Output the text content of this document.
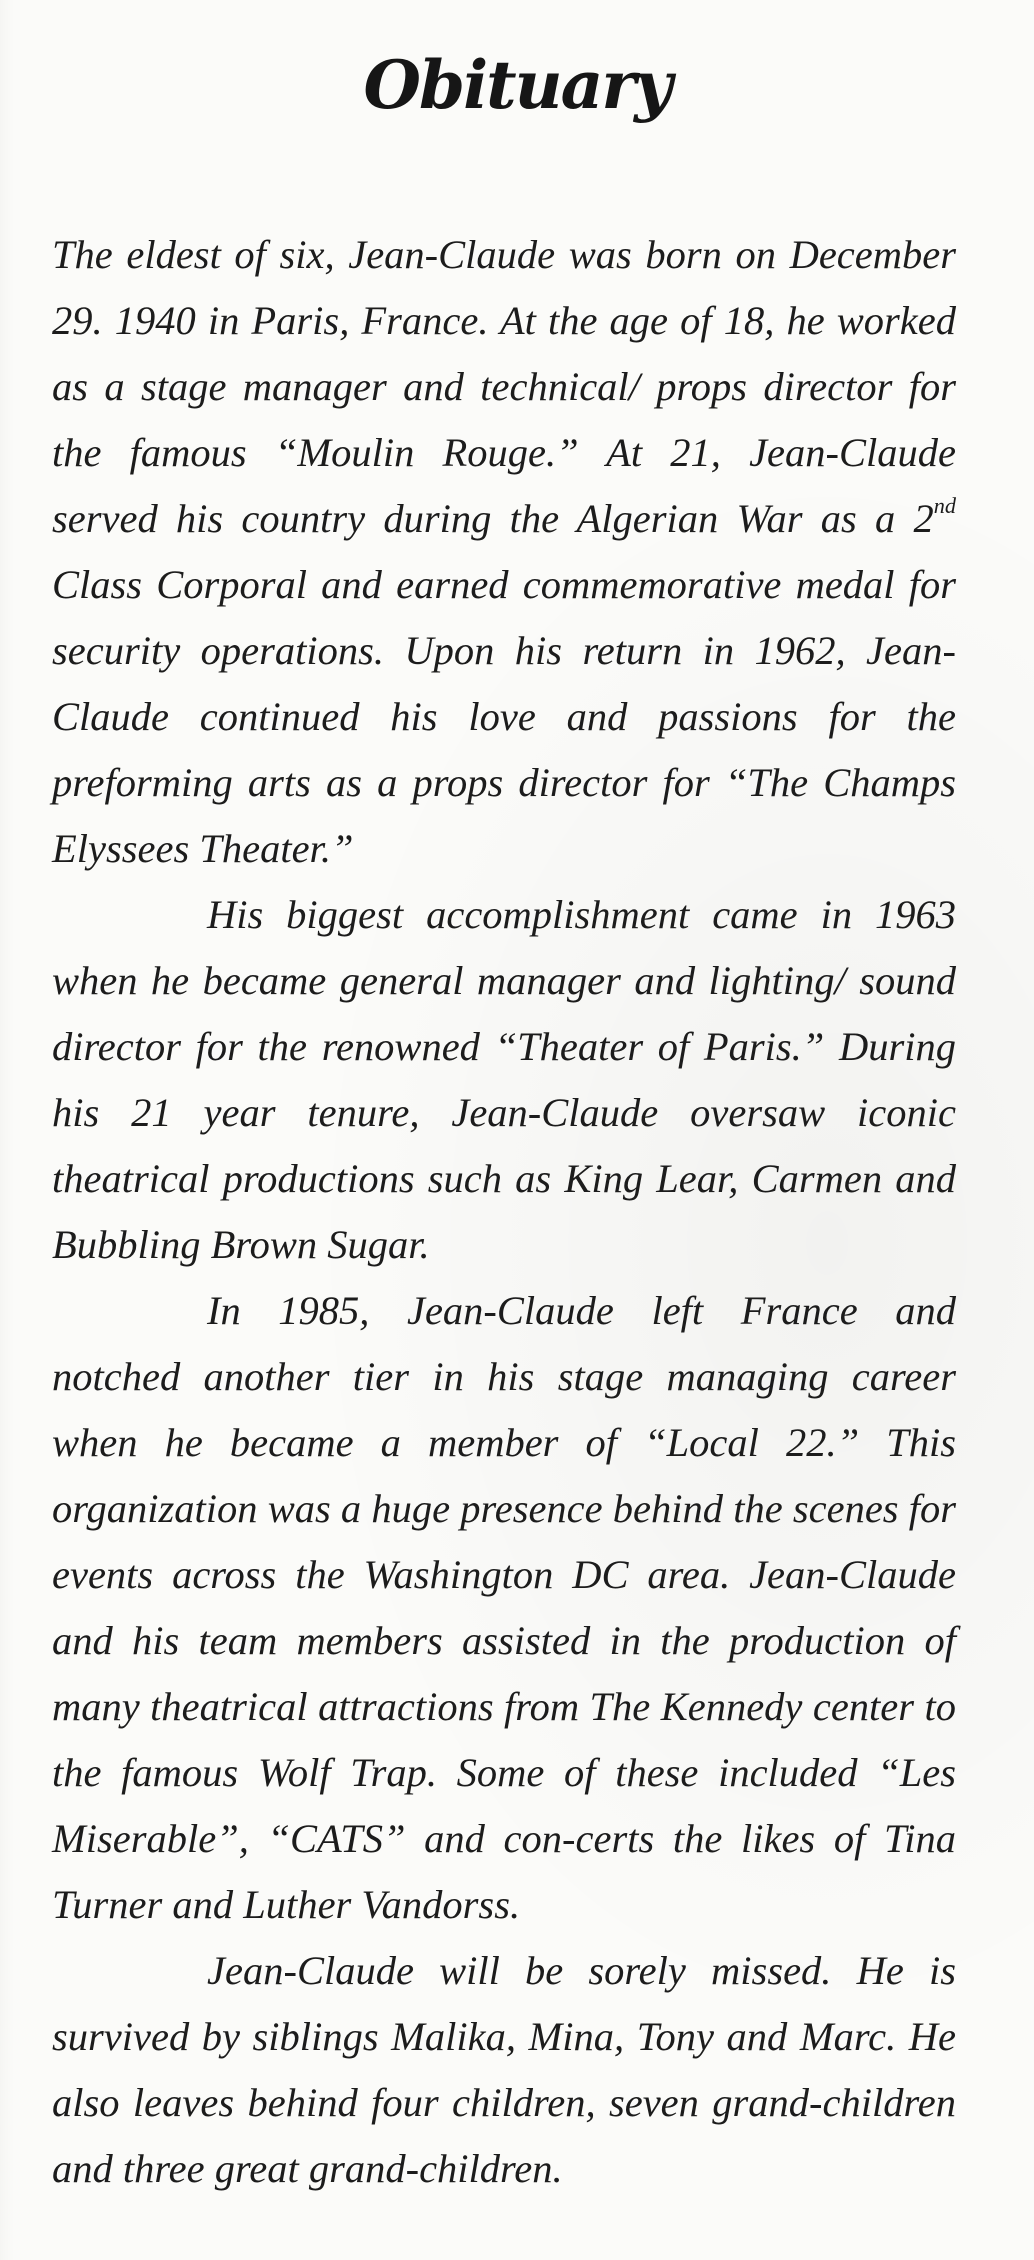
Obituary

The eldest of six, Jean-Claude was born on December 29. 1940 in Paris, France. At the age of 18, he worked as a stage manager and technical/ props director for the famous “Moulin Rouge.” At 21, Jean-Claude served his country during the Algerian War as a 2nd Class Corporal and earned commemorative medal for security operations. Upon his return in 1962, Jean-Claude continued his love and passions for the preforming arts as a props director for “The Champs Elyssees Theater.”

His biggest accomplishment came in 1963 when he became general manager and lighting/ sound director for the renowned “Theater of Paris.” During his 21 year tenure, Jean-Claude oversaw iconic theatrical productions such as King Lear, Carmen and Bubbling Brown Sugar.

In 1985, Jean-Claude left France and notched another tier in his stage managing career when he became a member of “Local 22.” This organization was a huge presence behind the scenes for events across the Washington DC area. Jean-Claude and his team members assisted in the production of many theatrical attractions from The Kennedy center to the famous Wolf Trap. Some of these included “Les Miserable”, “CATS” and con-certs the likes of Tina Turner and Luther Vandorss.

Jean-Claude will be sorely missed. He is survived by siblings Malika, Mina, Tony and Marc. He also leaves behind four children, seven grand-children and three great grand-children.
